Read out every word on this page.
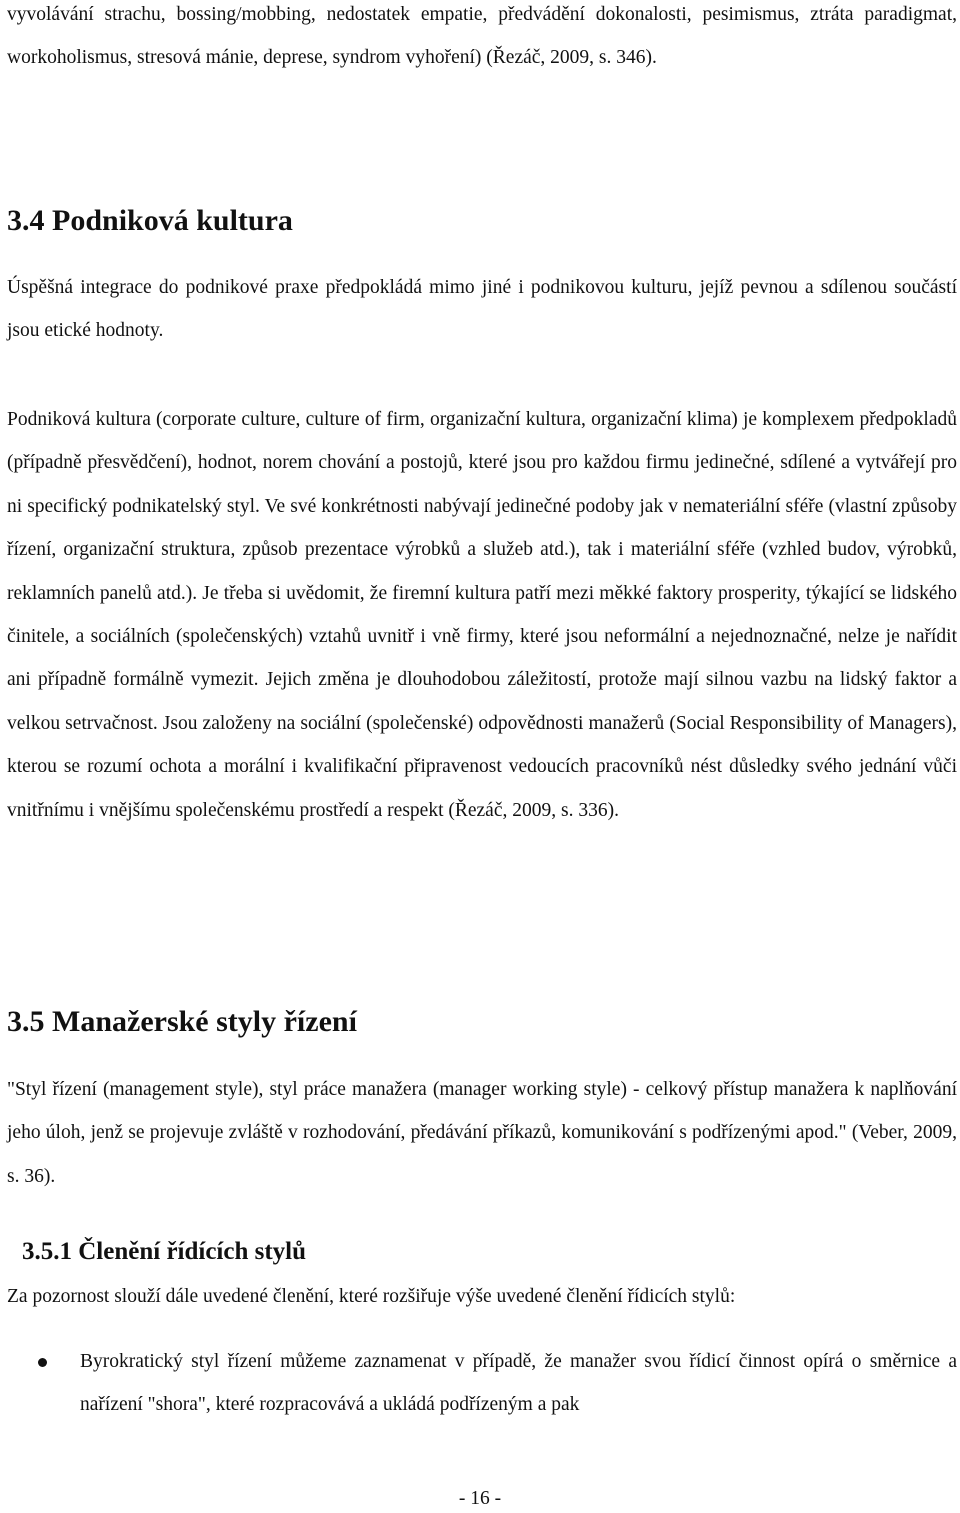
vyvolávání strachu, bossing/mobbing, nedostatek empatie, předvádění dokonalosti, pesimismus, ztráta paradigmat, workoholismus, stresová mánie, deprese, syndrom vyhoření) (Řezáč, 2009, s. 346).

3.4 Podniková kultura

Úspěšná integrace do podnikové praxe předpokládá mimo jiné i podnikovou kulturu, jejíž pevnou a sdílenou součástí jsou etické hodnoty.

Podniková kultura (corporate culture, culture of firm, organizační kultura, organizační klima) je komplexem předpokladů (případně přesvědčení), hodnot, norem chování a postojů, které jsou pro každou firmu jedinečné, sdílené a vytvářejí pro ni specifický podnikatelský styl. Ve své konkrétnosti nabývají jedinečné podoby jak v nemateriální sféře (vlastní způsoby řízení, organizační struktura, způsob prezentace výrobků a služeb atd.), tak i materiální sféře (vzhled budov, výrobků, reklamních panelů atd.). Je třeba si uvědomit, že firemní kultura patří mezi měkké faktory prosperity, týkající se lidského činitele, a sociálních (společenských) vztahů uvnitř i vně firmy, které jsou neformální a nejednoznačné, nelze je nařídit ani případně formálně vymezit. Jejich změna je dlouhodobou záležitostí, protože mají silnou vazbu na lidský faktor a velkou setrvačnost. Jsou založeny na sociální (společenské) odpovědnosti manažerů (Social Responsibility of Managers), kterou se rozumí ochota a morální i kvalifikační připravenost vedoucích pracovníků nést důsledky svého jednání vůči vnitřnímu i vnějšímu společenskému prostředí a respekt (Řezáč, 2009, s. 336).

3.5 Manažerské styly řízení

"Styl řízení (management style), styl práce manažera (manager working style) - celkový přístup manažera k naplňování jeho úloh, jenž se projevuje zvláště v rozhodování, předávání příkazů, komunikování s podřízenými apod." (Veber, 2009, s. 36).

3.5.1 Členění řídících stylů

Za pozornost slouží dále uvedené členění, které rozšiřuje výše uvedené členění řídicích stylů:

Byrokratický styl řízení můžeme zaznamenat v případě, že manažer svou řídicí činnost opírá o směrnice a nařízení "shora", které rozpracovává a ukládá podřízeným a pak

- 16 -
